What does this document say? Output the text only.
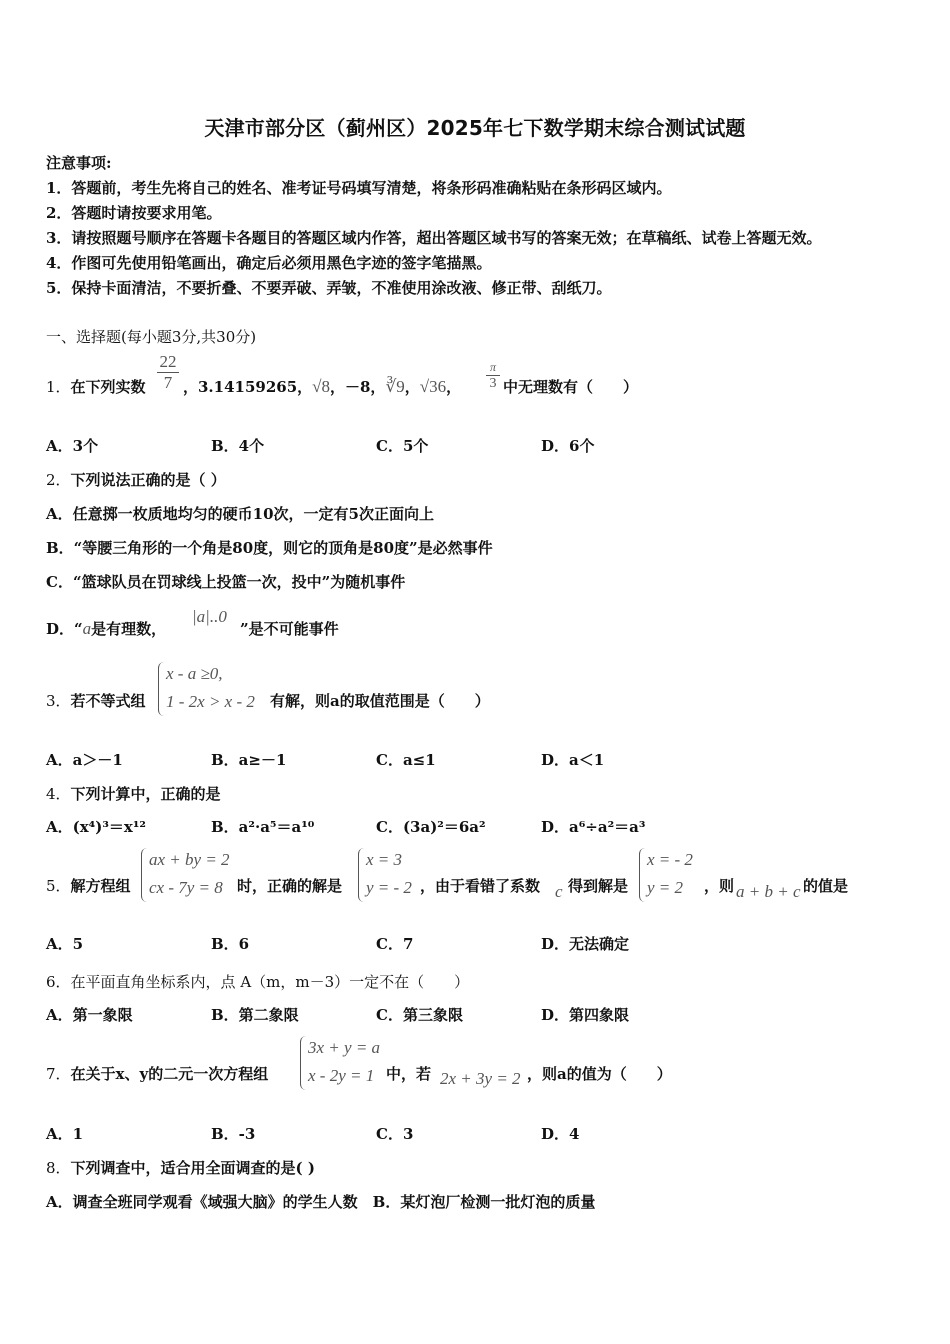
天津市部分区（蓟州区）2025年七下数学期末综合测试试题
注意事项:
1．答题前，考生先将自己的姓名、准考证号码填写清楚，将条形码准确粘贴在条形码区域内。
2．答题时请按要求用笔。
3．请按照题号顺序在答题卡各题目的答题区域内作答，超出答题区域书写的答案无效；在草稿纸、试卷上答题无效。
4．作图可先使用铅笔画出，确定后必须用黑色字迹的签字笔描黑。
5．保持卡面清洁，不要折叠、不要弄破、弄皱，不准使用涂改液、修正带、刮纸刀。
一、选择题(每小题3分,共30分)
1．在下列实数
22
7 ，3.14159265，√8，－8，∛9，√36，
π
3 中无理数有（　　）
A．3个	B．4个	C．5个	D．6个
2．下列说法正确的是（ ）
A．任意掷一枚质地均匀的硬币10次，一定有5次正面向上
B．“等腰三角形的一个角是80度，则它的顶角是80度”是必然事件
C．“篮球队员在罚球线上投篮一次，投中”为随机事件
D．“a是有理数，
|a|..0
”是不可能事件
3．若不等式组
x - a ≥0,
1 - 2x > x - 2 有解，则a的取值范围是（　　）
A．a＞－1	B．a≥－1	C．a≤1	D．a＜1
4．下列计算中，正确的是
A．(x⁴)³＝x¹²	B．a²·a⁵＝a¹⁰	C．(3a)²＝6a²	D．a⁶÷a²＝a³
5．解方程组
ax + by = 2
cx - 7y = 8 时，正确的解是
x = 3
y = - 2 ，由于看错了系数 c 得到解是
x = - 2
y = 2 ，则 a + b + c 的值是
A．5	B．6	C．7	D．无法确定
6．在平面直角坐标系内，点 A（m，m－3）一定不在（　　）
A．第一象限	B．第二象限	C．第三象限	D．第四象限
7．在关于x、y的二元一次方程组
3x + y = a
x - 2y = 1 中，若 2x + 3y = 2 ，则a的值为（　　）
A．1	B．-3	C．3	D．4
8．下列调查中，适合用全面调查的是( )
A．调查全班同学观看《域强大脑》的学生人数　B．某灯泡厂检测一批灯泡的质量
